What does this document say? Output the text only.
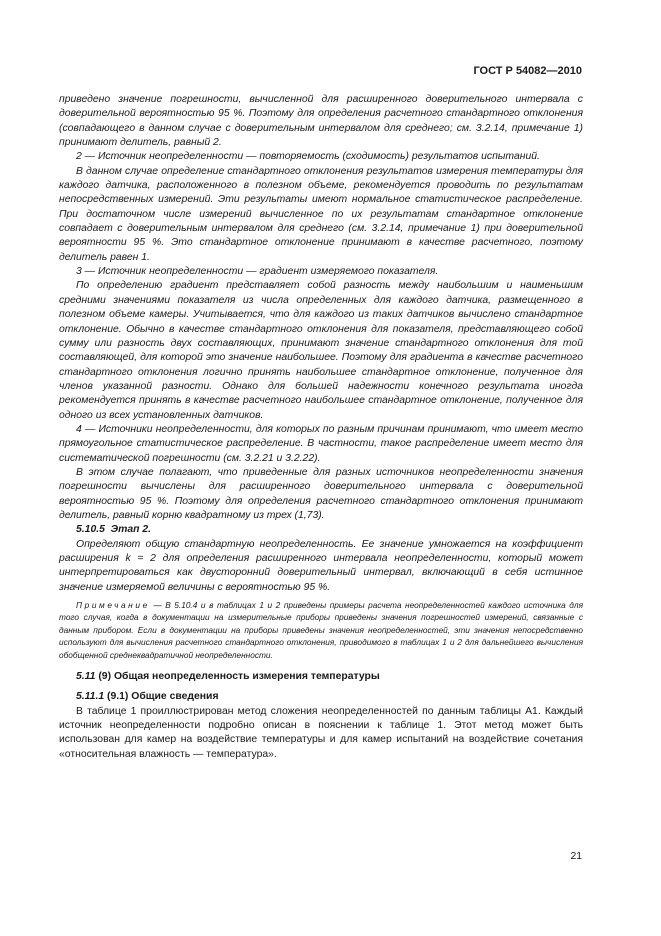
ГОСТ Р 54082—2010

приведено значение погрешности, вычисленной для расширенного доверительного интервала с доверительной вероятностью 95 %. Поэтому для определения расчетного стандартного отклонения (совпадающего в данном случае с доверительным интервалом для среднего; см. 3.2.14, примечание 1) принимают делитель, равный 2.

2 — Источник неопределенности — повторяемость (сходимость) результатов испытаний.

В данном случае определение стандартного отклонения результатов измерения температуры для каждого датчика, расположенного в полезном объеме, рекомендуется проводить по результатам непосредственных измерений. Эти результаты имеют нормальное статистическое распределение. При достаточном числе измерений вычисленное по их результатам стандартное отклонение совпадает с доверительным интервалом для среднего (см. 3.2.14, примечание 1) при доверительной вероятности 95 %. Это стандартное отклонение принимают в качестве расчетного, поэтому делитель равен 1.

3 — Источник неопределенности — градиент измеряемого показателя.

По определению градиент представляет собой разность между наибольшим и наименьшим средними значениями показателя из числа определенных для каждого датчика, размещенного в полезном объеме камеры. Учитывается, что для каждого из таких датчиков вычислено стандартное отклонение. Обычно в качестве стандартного отклонения для показателя, представляющего собой сумму или разность двух составляющих, принимают значение стандартного отклонения для той составляющей, для которой это значение наибольшее. Поэтому для градиента в качестве расчетного стандартного отклонения логично принять наибольшее стандартное отклонение, полученное для членов указанной разности. Однако для большей надежности конечного результата иногда рекомендуется принять в качестве расчетного наибольшее стандартное отклонение, полученное для одного из всех установленных датчиков.

4 — Источники неопределенности, для которых по разным причинам принимают, что имеет место прямоугольное статистическое распределение. В частности, такое распределение имеет место для систематической погрешности (см. 3.2.21 и 3.2.22).

В этом случае полагают, что приведенные для разных источников неопределенности значения погрешности вычислены для расширенного доверительного интервала с доверительной вероятностью 95 %. Поэтому для определения расчетного стандартного отклонения принимают делитель, равный корню квадратному из трех (1,73).

5.10.5 Этап 2.

Определяют общую стандартную неопределенность. Ее значение умножается на коэффициент расширения k = 2 для определения расширенного интервала неопределенности, который может интерпретироваться как двусторонний доверительный интервал, включающий в себя истинное значение измеряемой величины с вероятностью 95 %.

Примечание — В 5.10.4 и в таблицах 1 и 2 приведены примеры расчета неопределенностей каждого источника для того случая, когда в документации на измерительные приборы приведены значения погрешностей измерений, связанные с данным прибором. Если в документации на приборы приведены значения неопределенностей, эти значения непосредственно используют для вычисления расчетного стандартного отклонения, приводимого в таблицах 1 и 2 для дальнейшего вычисления обобщенной среднеквадратичной неопределенности.

5.11 (9) Общая неопределенность измерения температуры

5.11.1 (9.1) Общие сведения

В таблице 1 проиллюстрирован метод сложения неопределенностей по данным таблицы А1. Каждый источник неопределенности подробно описан в пояснении к таблице 1. Этот метод может быть использован для камер на воздействие температуры и для камер испытаний на воздействие сочетания «относительная влажность — температура».

21
